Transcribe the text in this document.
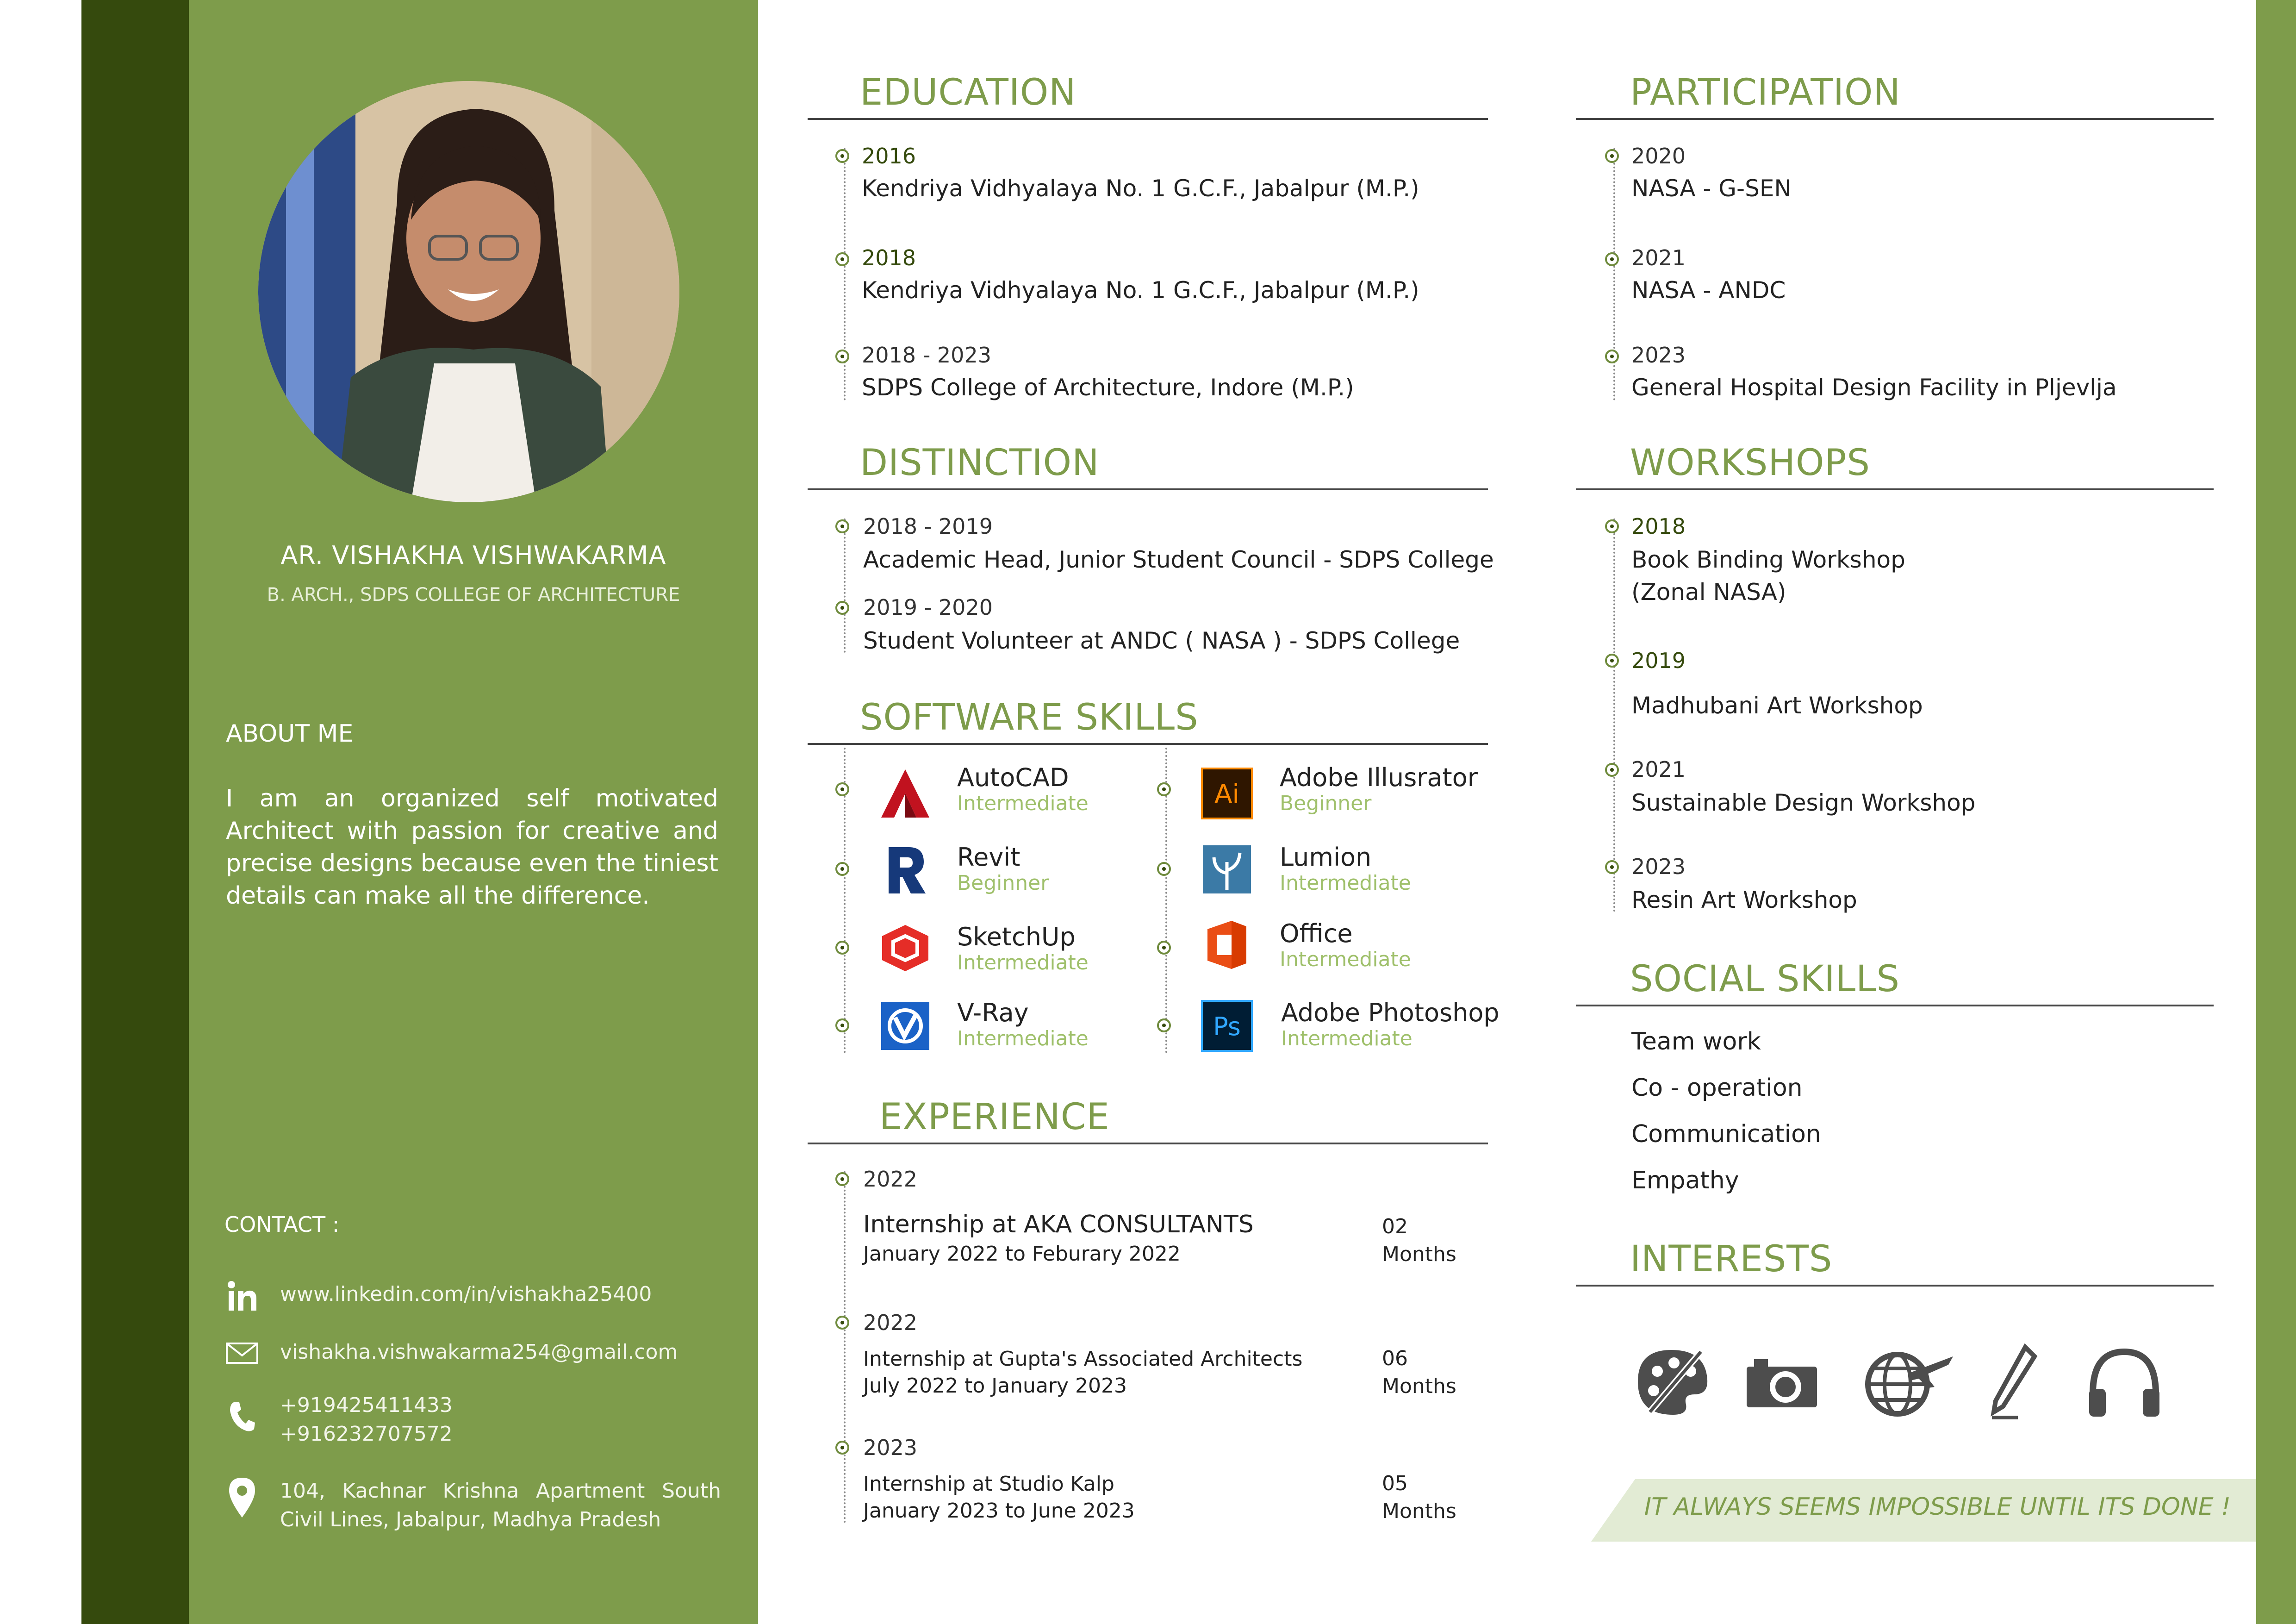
AR. VISHAKHA VISHWAKARMA
B. ARCH., SDPS COLLEGE OF ARCHITECTURE
ABOUT ME
I am an organized self motivated Architect with passion for creative and precise designs because even the tiniest details can make all the difference.
CONTACT :
www.linkedin.com/in/vishakha25400
vishakha.vishwakarma254@gmail.com
+919425411433
+916232707572
104, Kachnar Krishna Apartment South Civil Lines, Jabalpur, Madhya Pradesh
EDUCATION
2016
Kendriya Vidhyalaya No. 1 G.C.F., Jabalpur (M.P.)
2018
Kendriya Vidhyalaya No. 1 G.C.F., Jabalpur (M.P.)
2018 - 2023
SDPS College of Architecture, Indore (M.P.)
DISTINCTION
2018 - 2019
Academic Head, Junior Student Council - SDPS College
2019 - 2020
Student Volunteer at ANDC ( NASA ) - SDPS College
SOFTWARE SKILLS
AutoCAD
Intermediate
Revit
Beginner
SketchUp
Intermediate
V-Ray
Intermediate
Ai
Adobe Illusrator
Beginner
Lumion
Intermediate
Office
Intermediate
Ps Adobe Photoshop
Intermediate
EXPERIENCE
2022
Internship at AKA CONSULTANTS
January 2022 to Feburary 2022
02
Months
2022
Internship at Gupta's Associated Architects
July 2022 to January 2023
06
Months
2023
Internship at Studio Kalp
January 2023 to June 2023
05
Months
PARTICIPATION
2020
NASA - G-SEN
2021
NASA - ANDC
2023
General Hospital Design Facility in Pljevlja
WORKSHOPS
2018
Book Binding Workshop
(Zonal NASA)
2019
Madhubani Art Workshop
2021
Sustainable Design Workshop
2023
Resin Art Workshop
SOCIAL SKILLS
Team work
Co - operation
Communication
Empathy
INTERESTS
IT ALWAYS SEEMS IMPOSSIBLE UNTIL ITS DONE !
